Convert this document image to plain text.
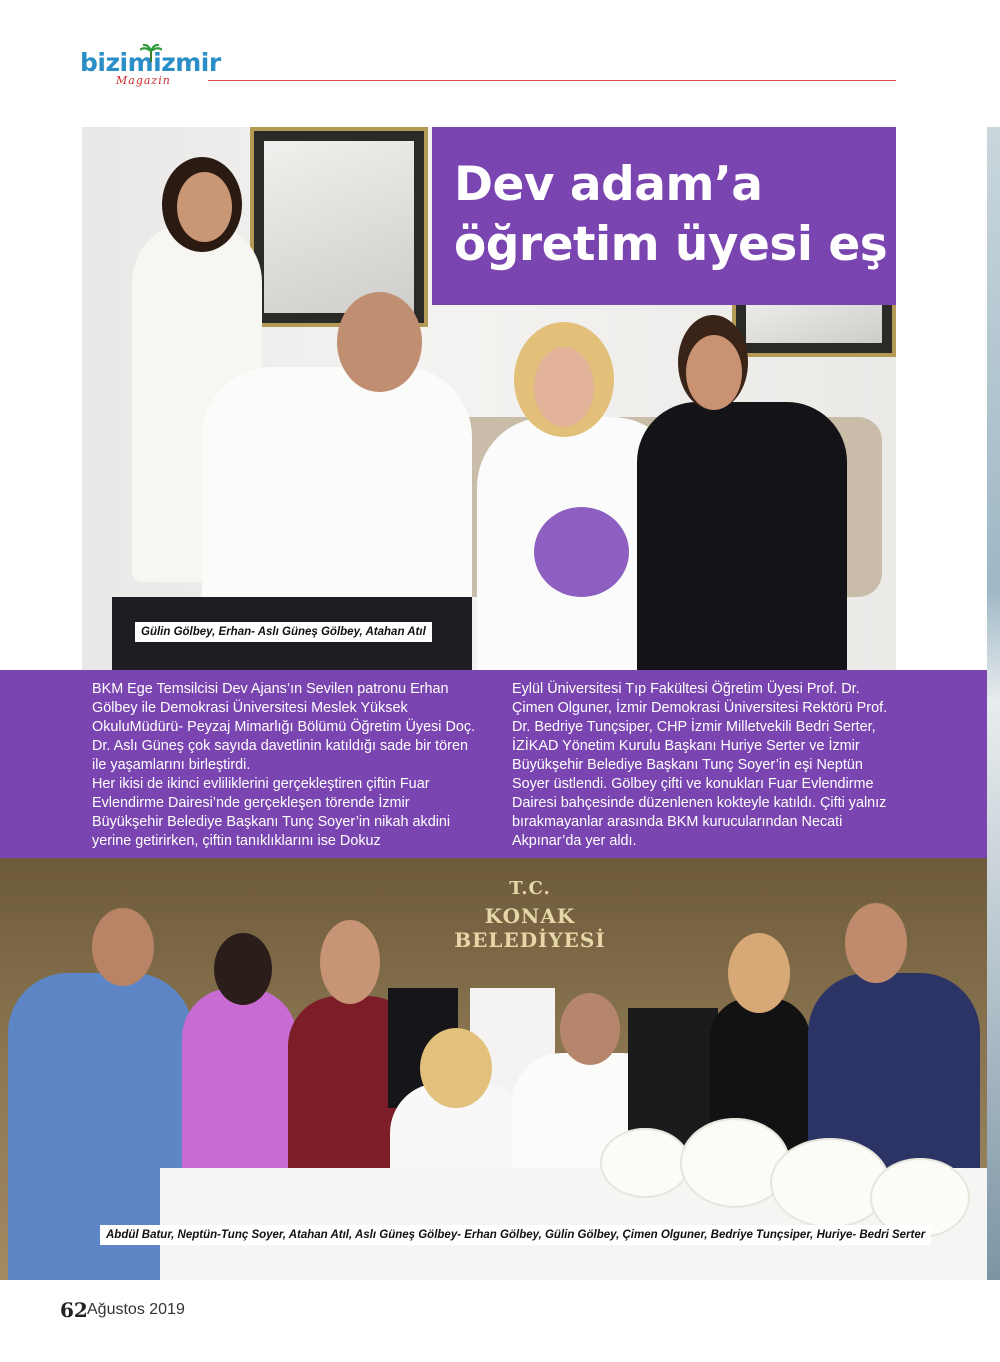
bizimizmir
Magazin
Gülin Gölbey, Erhan- Aslı Güneş Gölbey, Atahan Atıl
Dev adam’a
öğretim üyesi eş

BKM Ege Temsilcisi Dev Ajans’ın Sevilen patronu Erhan Gölbey ile Demokrasi Üniversitesi Meslek Yüksek OkuluMüdürü- Peyzaj Mimarlığı Bölümü Öğretim Üyesi Doç. Dr. Aslı Güneş çok sayıda davetlinin katıldığı sade bir tören ile yaşamlarını birleştirdi.

Her ikisi de ikinci evliliklerini gerçekleştiren çiftin Fuar Evlendirme Dairesi’nde gerçekleşen törende İzmir Büyükşehir Belediye Başkanı Tunç Soyer’in nikah akdini yerine getirirken, çiftin tanıklıklarını ise Dokuz

Eylül Üniversitesi Tıp Fakültesi Öğretim Üyesi Prof. Dr. Çimen Olguner, İzmir Demokrasi Üniversitesi Rektörü Prof. Dr. Bedriye Tunçsiper, CHP İzmir Milletvekili Bedri Serter, İZİKAD Yönetim Kurulu Başkanı Huriye Serter ve İzmir Büyükşehir Belediye Başkanı Tunç Soyer’in eşi Neptün Soyer üstlendi. Gölbey çifti ve konukları Fuar Evlendirme Dairesi bahçesinde düzenlenen kokteyle katıldı. Çifti yalnız bırakmayanlar arasında BKM kurucularından Necati Akpınar’da yer aldı.

T.C.
KONAK BELEDİYESİ
Abdül Batur, Neptün-Tunç Soyer, Atahan Atıl, Aslı Güneş Gölbey- Erhan Gölbey, Gülin Gölbey, Çimen Olguner, Bedriye Tunçsiper, Huriye- Bedri Serter
62 Ağustos 2019
